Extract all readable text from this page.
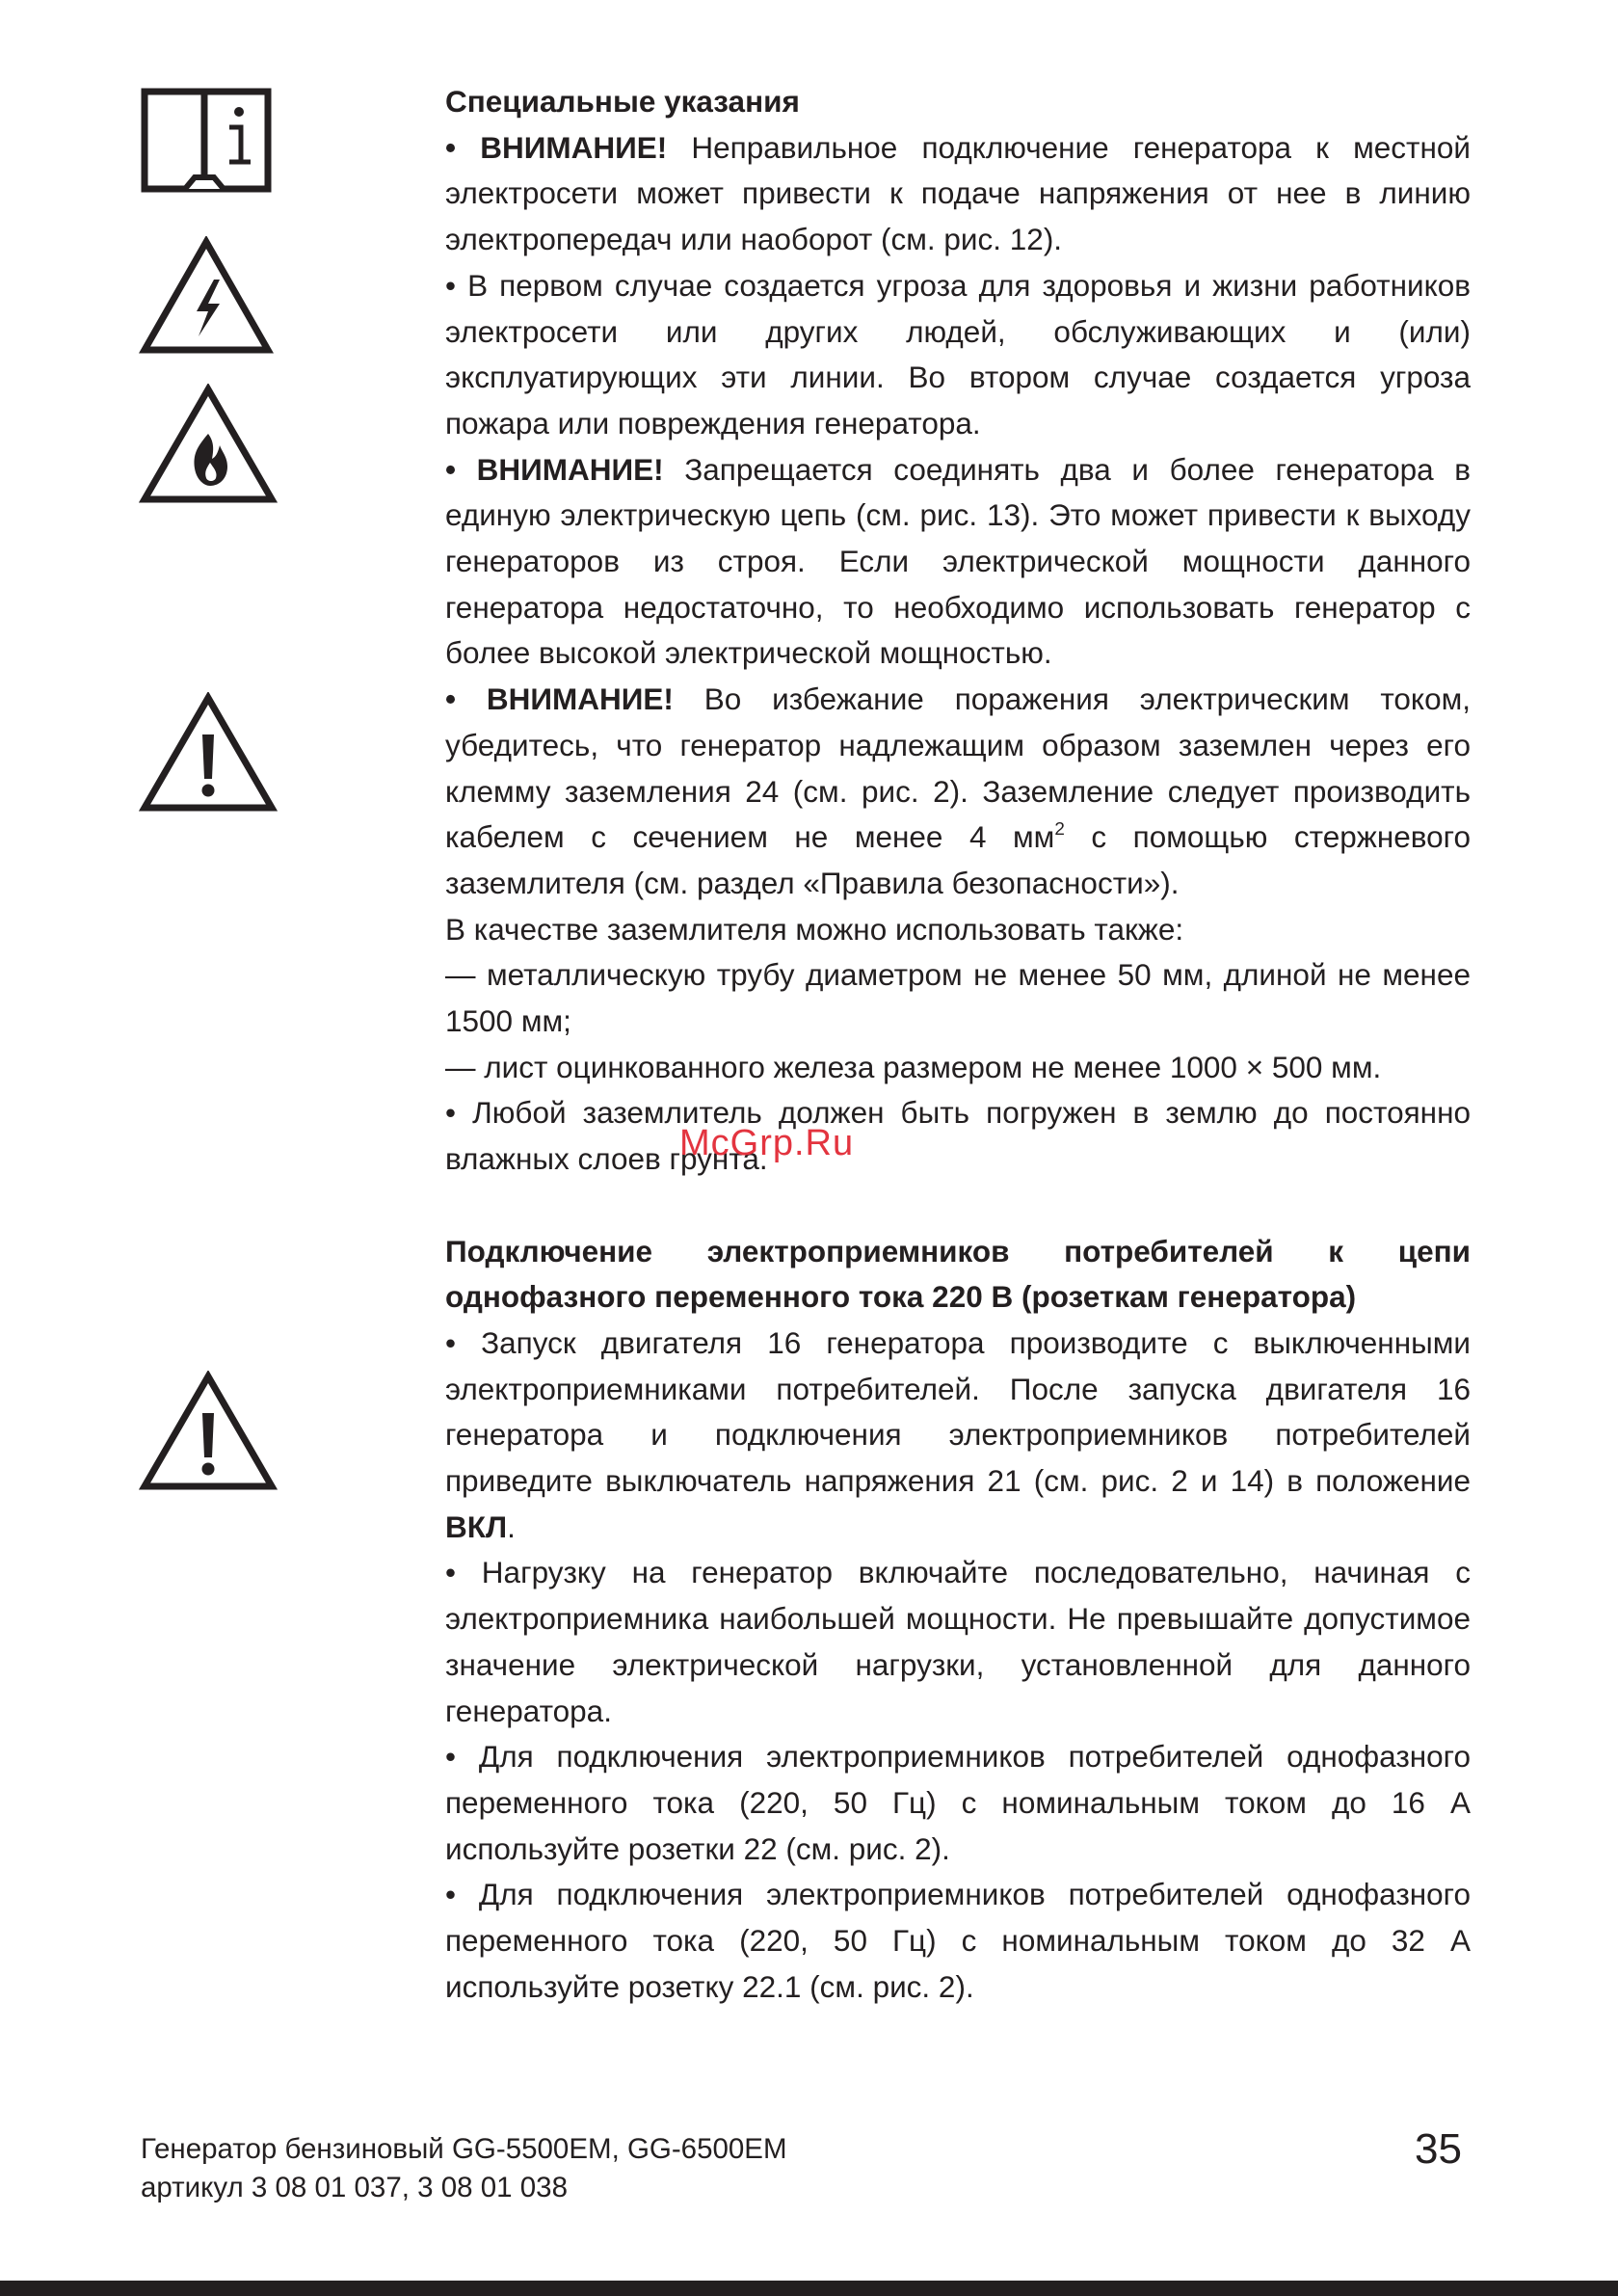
Специальные указания

• ВНИМАНИЕ! Неправильное подключение генератора к местной электросети может привести к подаче напряжения от нее в линию электропередач или наоборот (см. рис. 12).

• В первом случае создается угроза для здоровья и жизни работников электросети или других людей, обслуживающих и (или) эксплуатирующих эти линии. Во втором случае создается угроза пожара или повреждения генератора.

• ВНИМАНИЕ! Запрещается соединять два и более генератора в единую электрическую цепь (см. рис. 13). Это может привести к выходу генераторов из строя. Если электрической мощности данного генератора недостаточно, то необходимо использовать генератор с более высокой электрической мощностью.

• ВНИМАНИЕ! Во избежание поражения электрическим током, убедитесь, что генератор надлежащим образом заземлен через его клемму заземления 24 (см. рис. 2). Заземление следует производить кабелем с сечением не менее 4 $мм^2$ с помощью стержневого заземлителя (см. раздел «Правила безопасности»).

В качестве заземлителя можно использовать также:

— металлическую трубу диаметром не менее 50 мм, длиной не менее 1500 мм;

— лист оцинкованного железа размером не менее 1000 × 500 мм.

• Любой заземлитель должен быть погружен в землю до постоянно влажных слоев грунта.

Подключение электроприемников потребителей к цепи однофазного переменного тока 220 В (розеткам генератора)

• Запуск двигателя 16 генератора производите с выключенными электроприемниками потребителей. После запуска двигателя 16 генератора и подключения электроприемников потребителей приведите выключатель напряжения 21 (см. рис. 2 и 14) в положение ВКЛ.

• Нагрузку на генератор включайте последовательно, начиная с электроприемника наибольшей мощности. Не превышайте допустимое значение электрической нагрузки, установленной для данного генератора.

• Для подключения электроприемников потребителей однофазного переменного тока (220, 50 Гц) с номинальным током до 16 А используйте розетки 22 (см. рис. 2).

• Для подключения электроприемников потребителей однофазного переменного тока (220, 50 Гц) с номинальным током до 32 А используйте розетку 22.1 (см. рис. 2).

McGrp.Ru
Генератор бензиновый GG-5500EM, GG-6500EM
артикул 3 08 01 037, 3 08 01 038
35
